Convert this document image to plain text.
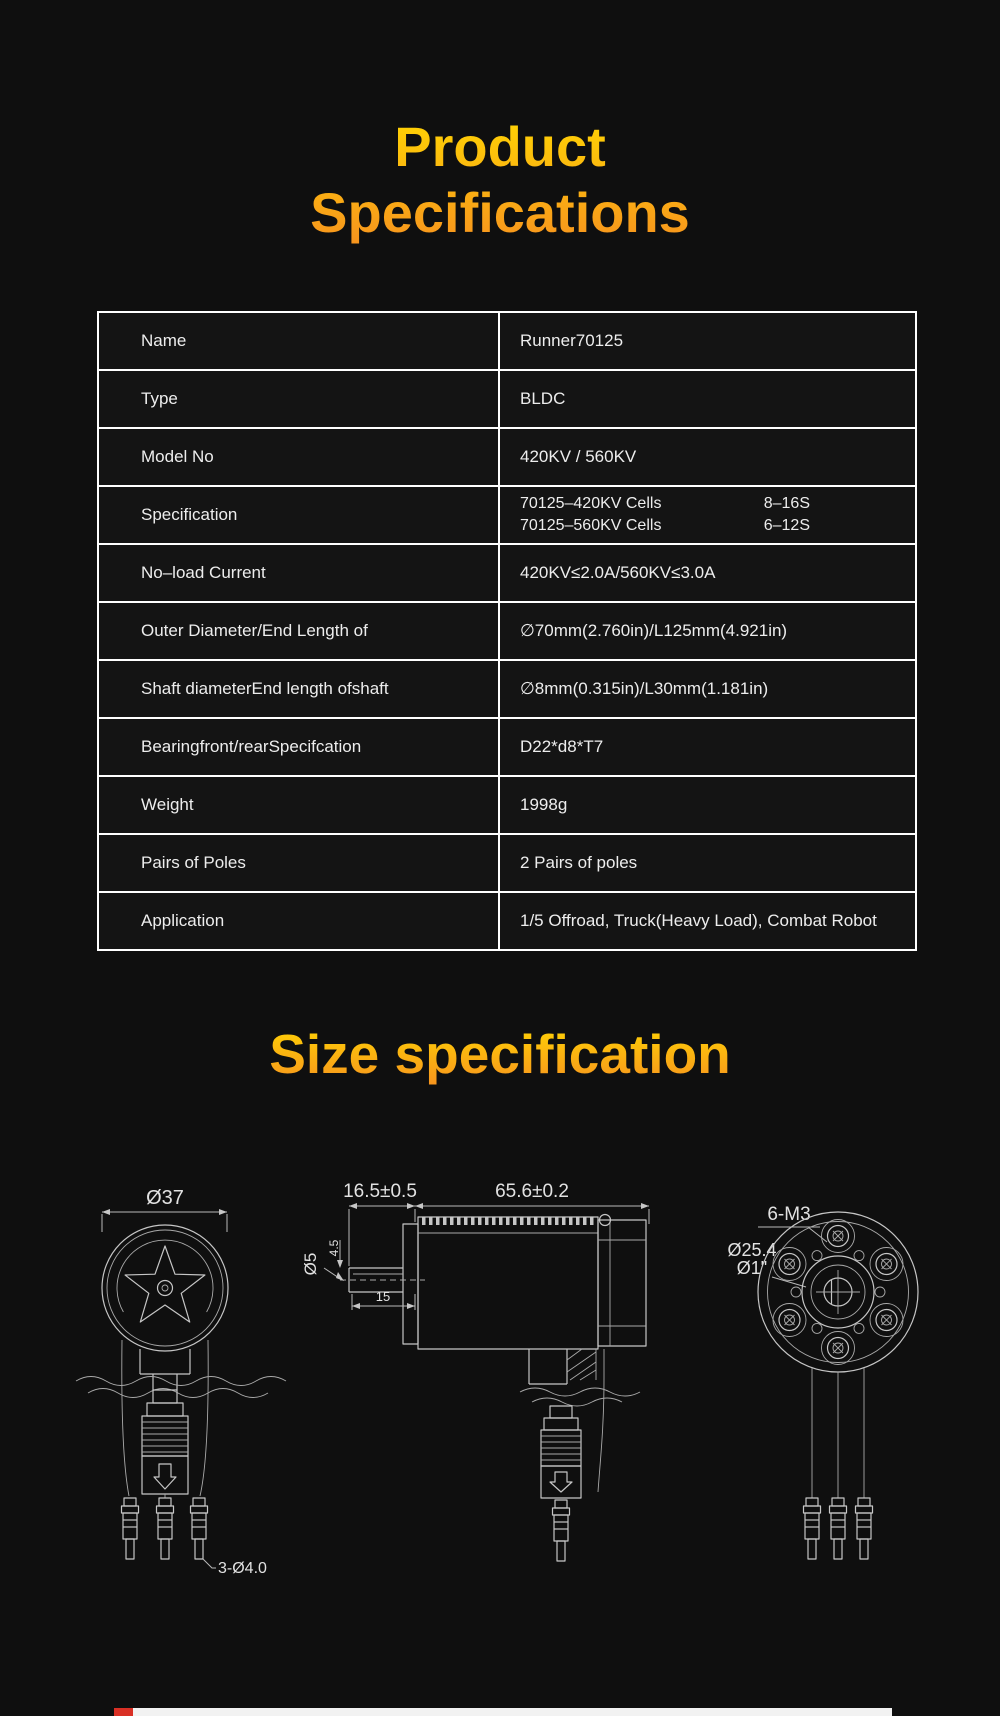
Product
Specifications
Name	Runner70125
Type	BLDC
Model No	420KV / 560KV
Specification
70125–420KV Cells	8–16S
70125–560KV Cells	6–12S
No–load Current	420KV≤2.0A/560KV≤3.0A
Outer Diameter/End Length of	∅70mm(2.760in)/L125mm(4.921in)
Shaft diameterEnd length ofshaft	∅8mm(0.315in)/L30mm(1.181in)
Bearingfront/rearSpecifcation	D22*d8*T7
Weight	1998g
Pairs of Poles	2 Pairs of poles
Application	1/5 Offroad, Truck(Heavy Load), Combat Robot
Size specification
Ø37
3-Ø4.0
16.5±0.5	65.6±0.2
Ø5
4.5
15
6-M3
Ø25.4
Ø1"
